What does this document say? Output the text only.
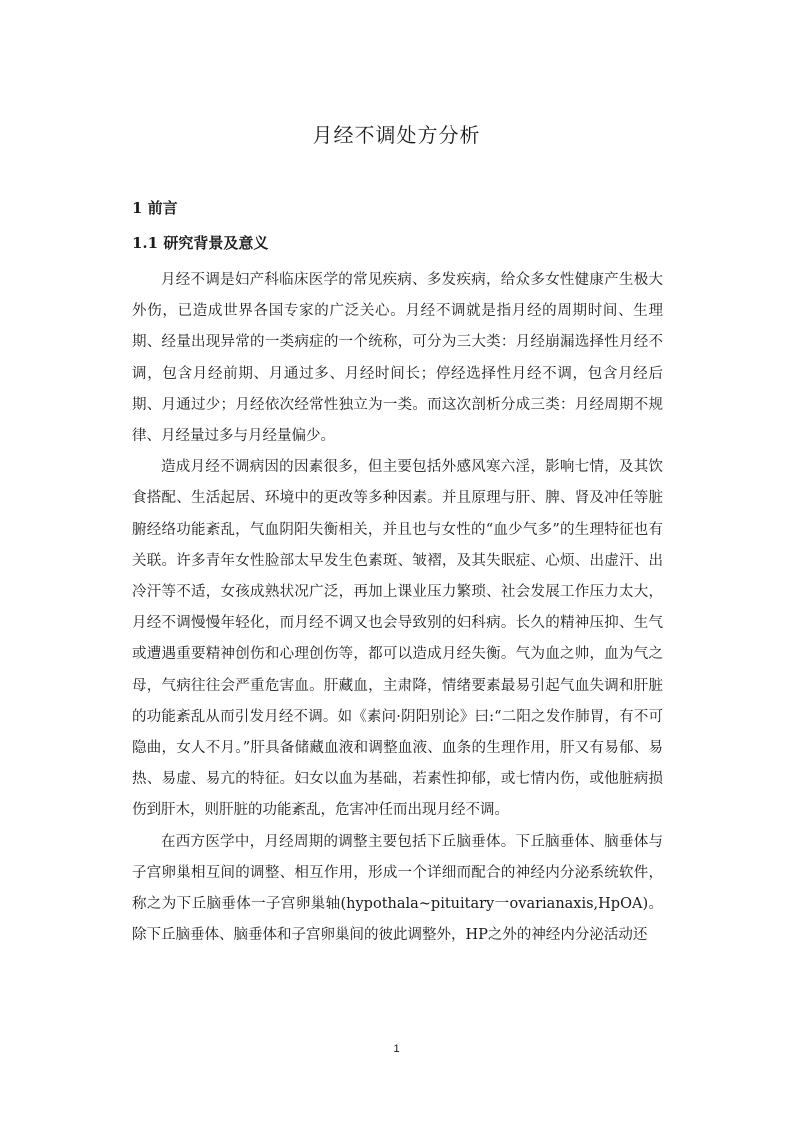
月经不调处方分析
1 前言
1.1 研究背景及意义

月经不调是妇产科临床医学的常见疾病、多发疾病，给众多女性健康产生极大外伤，已造成世界各国专家的广泛关心。月经不调就是指月经的周期时间、生理期、经量出现异常的一类病症的一个统称，可分为三大类：月经崩漏选择性月经不调，包含月经前期、月通过多、月经时间长；停经选择性月经不调，包含月经后期、月通过少；月经依次经常性独立为一类。而这次剖析分成三类：月经周期不规律、月经量过多与月经量偏少。

造成月经不调病因的因素很多，但主要包括外感风寒六淫，影响七情，及其饮食搭配、生活起居、环境中的更改等多种因素。并且原理与肝、脾、肾及冲任等脏腑经络功能紊乱，气血阴阳失衡相关，并且也与女性的“血少气多”的生理特征也有关联。许多青年女性脸部太早发生色素斑、皱褶，及其失眠症、心烦、出虚汗、出冷汗等不适，女孩成熟状况广泛，再加上课业压力繁琐、社会发展工作压力太大，月经不调慢慢年轻化，而月经不调又也会导致别的妇科病。长久的精神压抑、生气或遭遇重要精神创伤和心理创伤等，都可以造成月经失衡。气为血之帅，血为气之母，气病往往会严重危害血。肝藏血，主肃降，情绪要素最易引起气血失调和肝脏的功能紊乱从而引发月经不调。如《素问·阴阳别论》曰:“二阳之发作肺胃，有不可隐曲，女人不月。”肝具备储藏血液和调整血液、血条的生理作用，肝又有易郁、易热、易虚、易亢的特征。妇女以血为基础，若素性抑郁，或七情内伤，或他脏病损伤到肝木，则肝脏的功能紊乱，危害冲任而出现月经不调。

在西方医学中，月经周期的调整主要包括下丘脑垂体。下丘脑垂体、脑垂体与子宫卵巢相互间的调整、相互作用，形成一个详细而配合的神经内分泌系统软件，称之为下丘脑垂体一子宫卵巢轴(hypothala~pituitary一ovarianaxis,HpOA)。除下丘脑垂体、脑垂体和子宫卵巢间的彼此调整外，HP之外的神经内分泌活动还

1
